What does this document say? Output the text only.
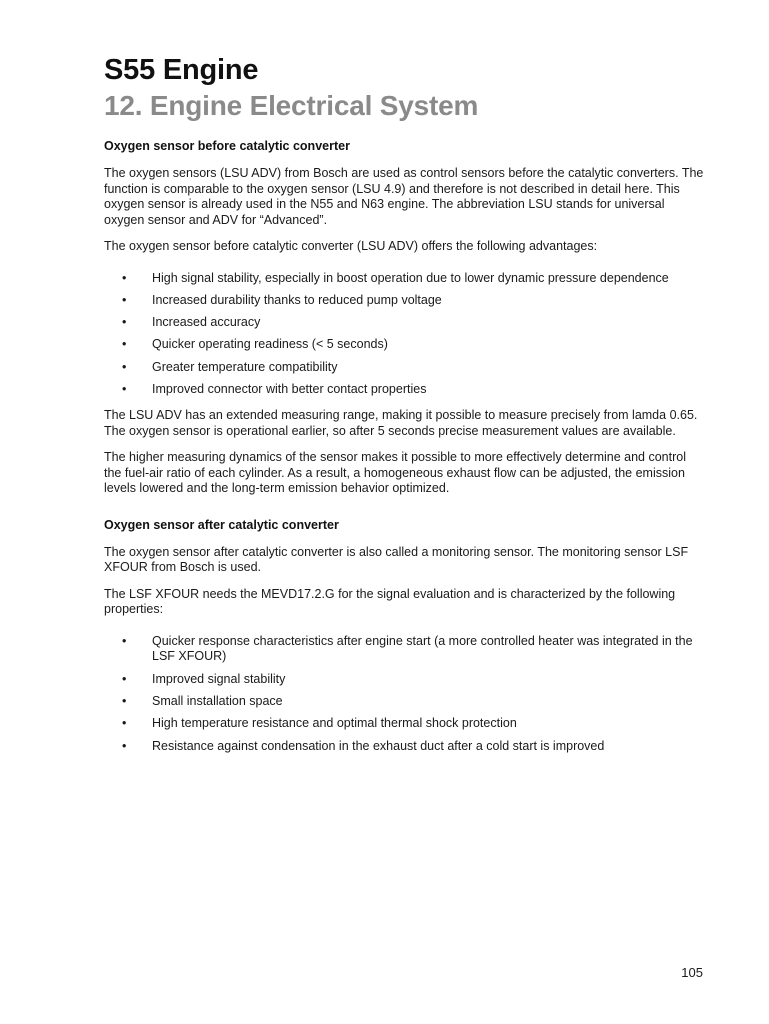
S55 Engine
12. Engine Electrical System
Oxygen sensor before catalytic converter

The oxygen sensors (LSU ADV) from Bosch are used as control sensors before the catalytic converters. The function is comparable to the oxygen sensor (LSU 4.9) and therefore is not described in detail here. This oxygen sensor is already used in the N55 and N63 engine. The abbreviation LSU stands for universal oxygen sensor and ADV for “Advanced”.

The oxygen sensor before catalytic converter (LSU ADV) offers the following advantages:

• High signal stability, especially in boost operation due to lower dynamic pressure dependence
• Increased durability thanks to reduced pump voltage
• Increased accuracy
• Quicker operating readiness (< 5 seconds)
• Greater temperature compatibility
• Improved connector with better contact properties

The LSU ADV has an extended measuring range, making it possible to measure precisely from lamda 0.65. The oxygen sensor is operational earlier, so after 5 seconds precise measurement values are available.

The higher measuring dynamics of the sensor makes it possible to more effectively determine and control the fuel-air ratio of each cylinder. As a result, a homogeneous exhaust flow can be adjusted, the emission levels lowered and the long-term emission behavior optimized.

Oxygen sensor after catalytic converter

The oxygen sensor after catalytic converter is also called a monitoring sensor. The monitoring sensor LSF XFOUR from Bosch is used.

The LSF XFOUR needs the MEVD17.2.G for the signal evaluation and is characterized by the following properties:

• Quicker response characteristics after engine start (a more controlled heater was integrated in the LSF XFOUR)
• Improved signal stability
• Small installation space
• High temperature resistance and optimal thermal shock protection
• Resistance against condensation in the exhaust duct after a cold start is improved
105
